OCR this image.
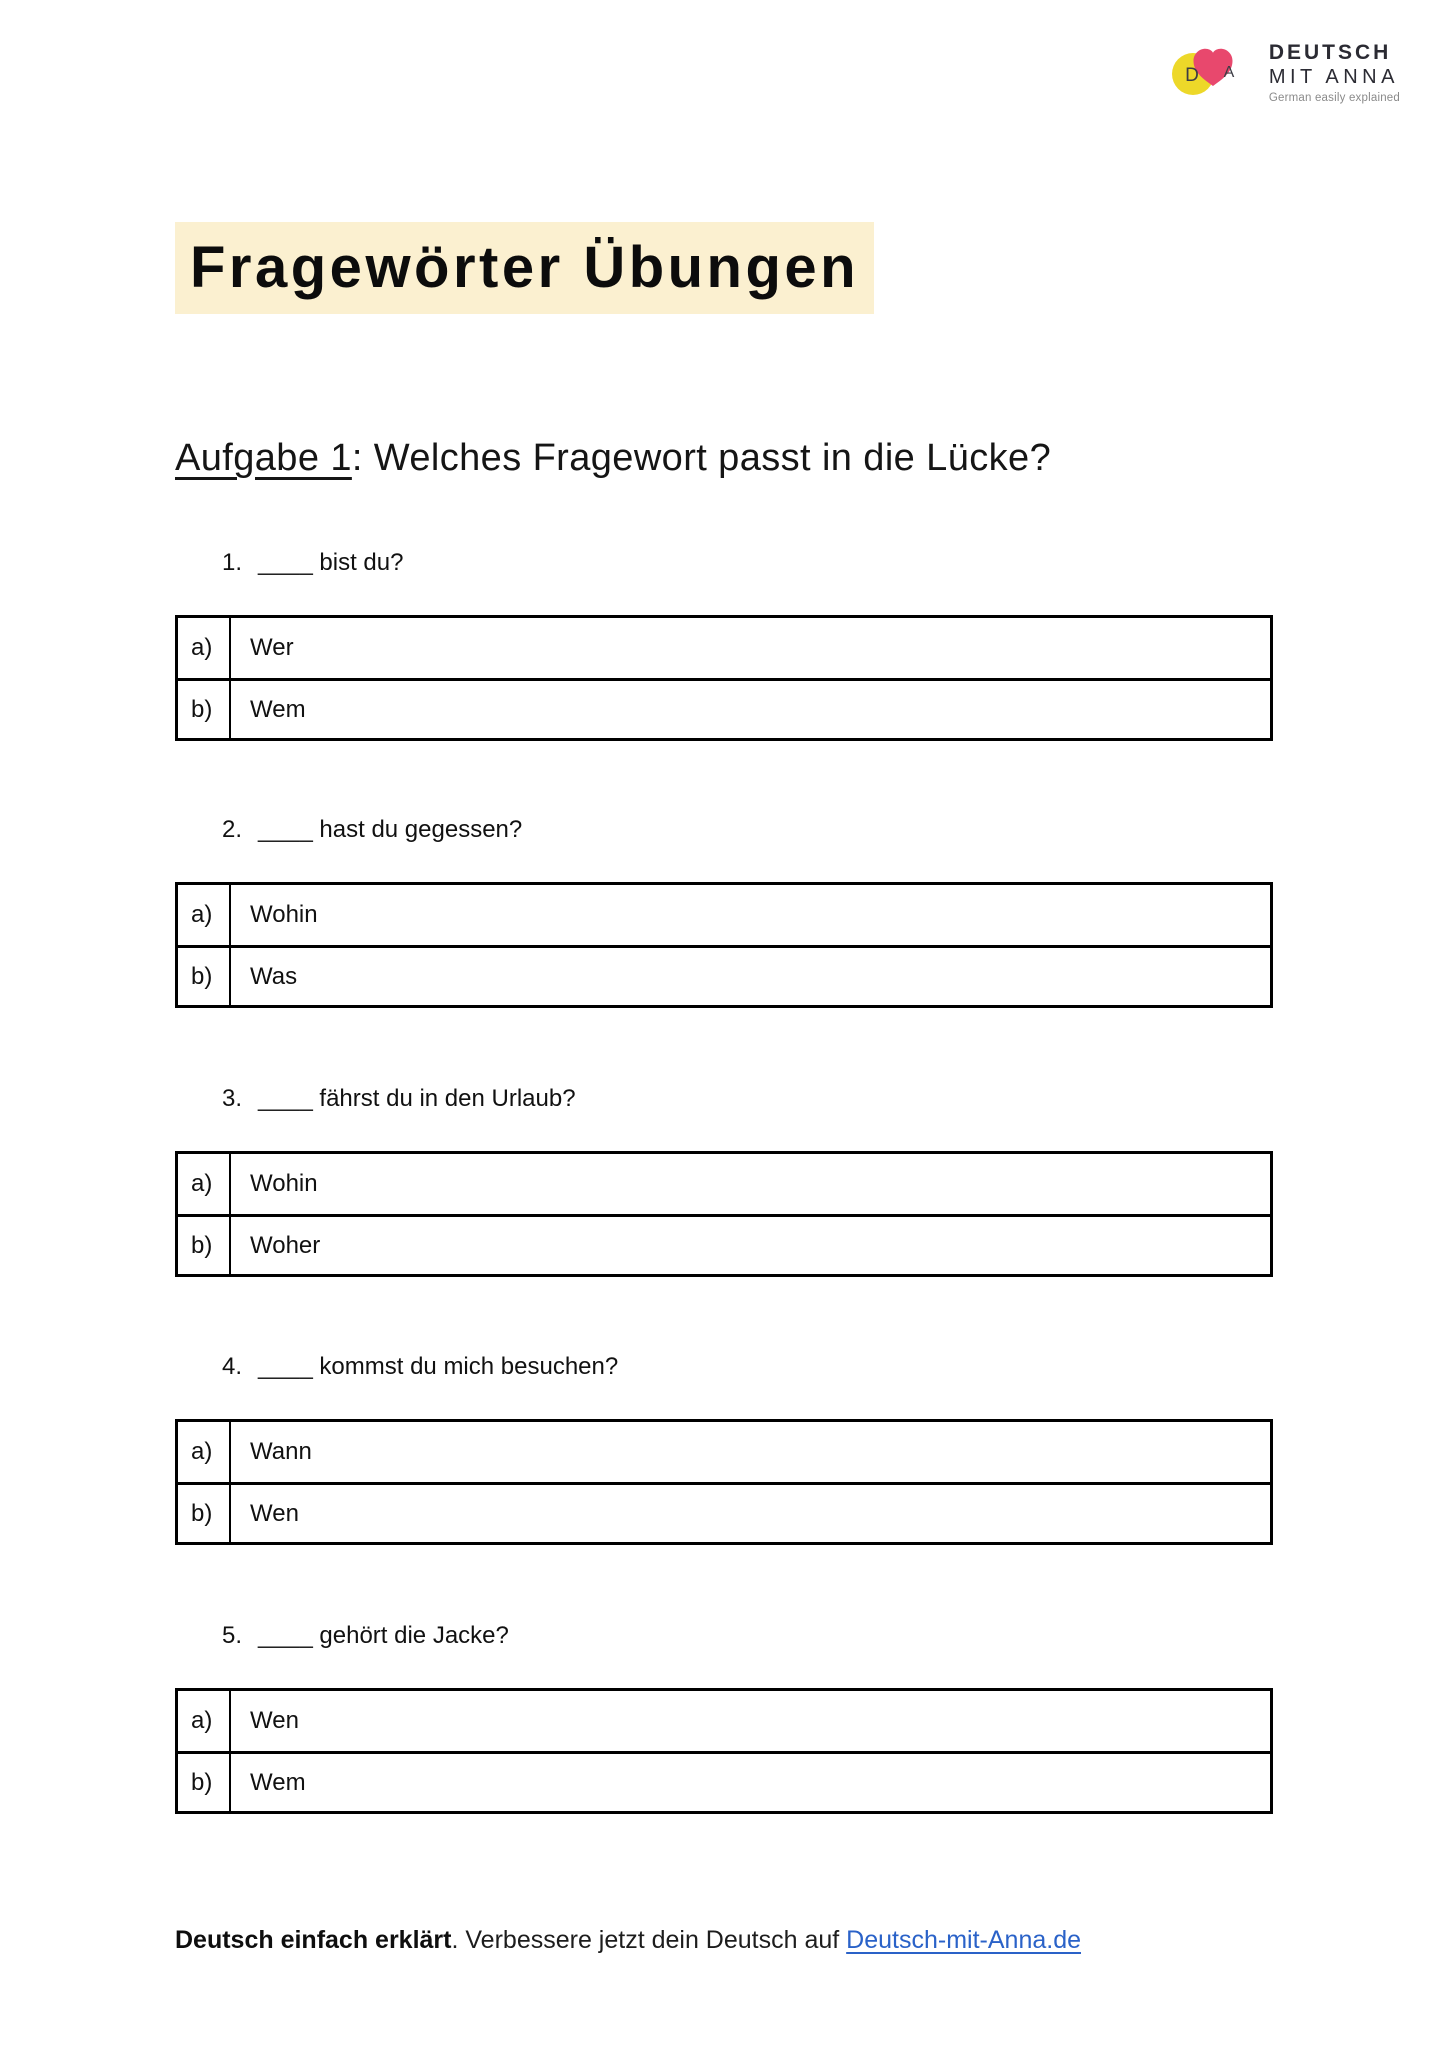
D A
DEUTSCH
MIT ANNA
German easily explained
Fragewörter Übungen
Aufgabe 1: Welches Fragewort passt in die Lücke?
1. ____ bist du?
a)	Wer
b)	Wem
2. ____ hast du gegessen?
a)	Wohin
b)	Was
3. ____ fährst du in den Urlaub?
a)	Wohin
b)	Woher
4. ____ kommst du mich besuchen?
a)	Wann
b)	Wen
5. ____ gehört die Jacke?
a)	Wen
b)	Wem
Deutsch einfach erklärt. Verbessere jetzt dein Deutsch auf Deutsch-mit-Anna.de
